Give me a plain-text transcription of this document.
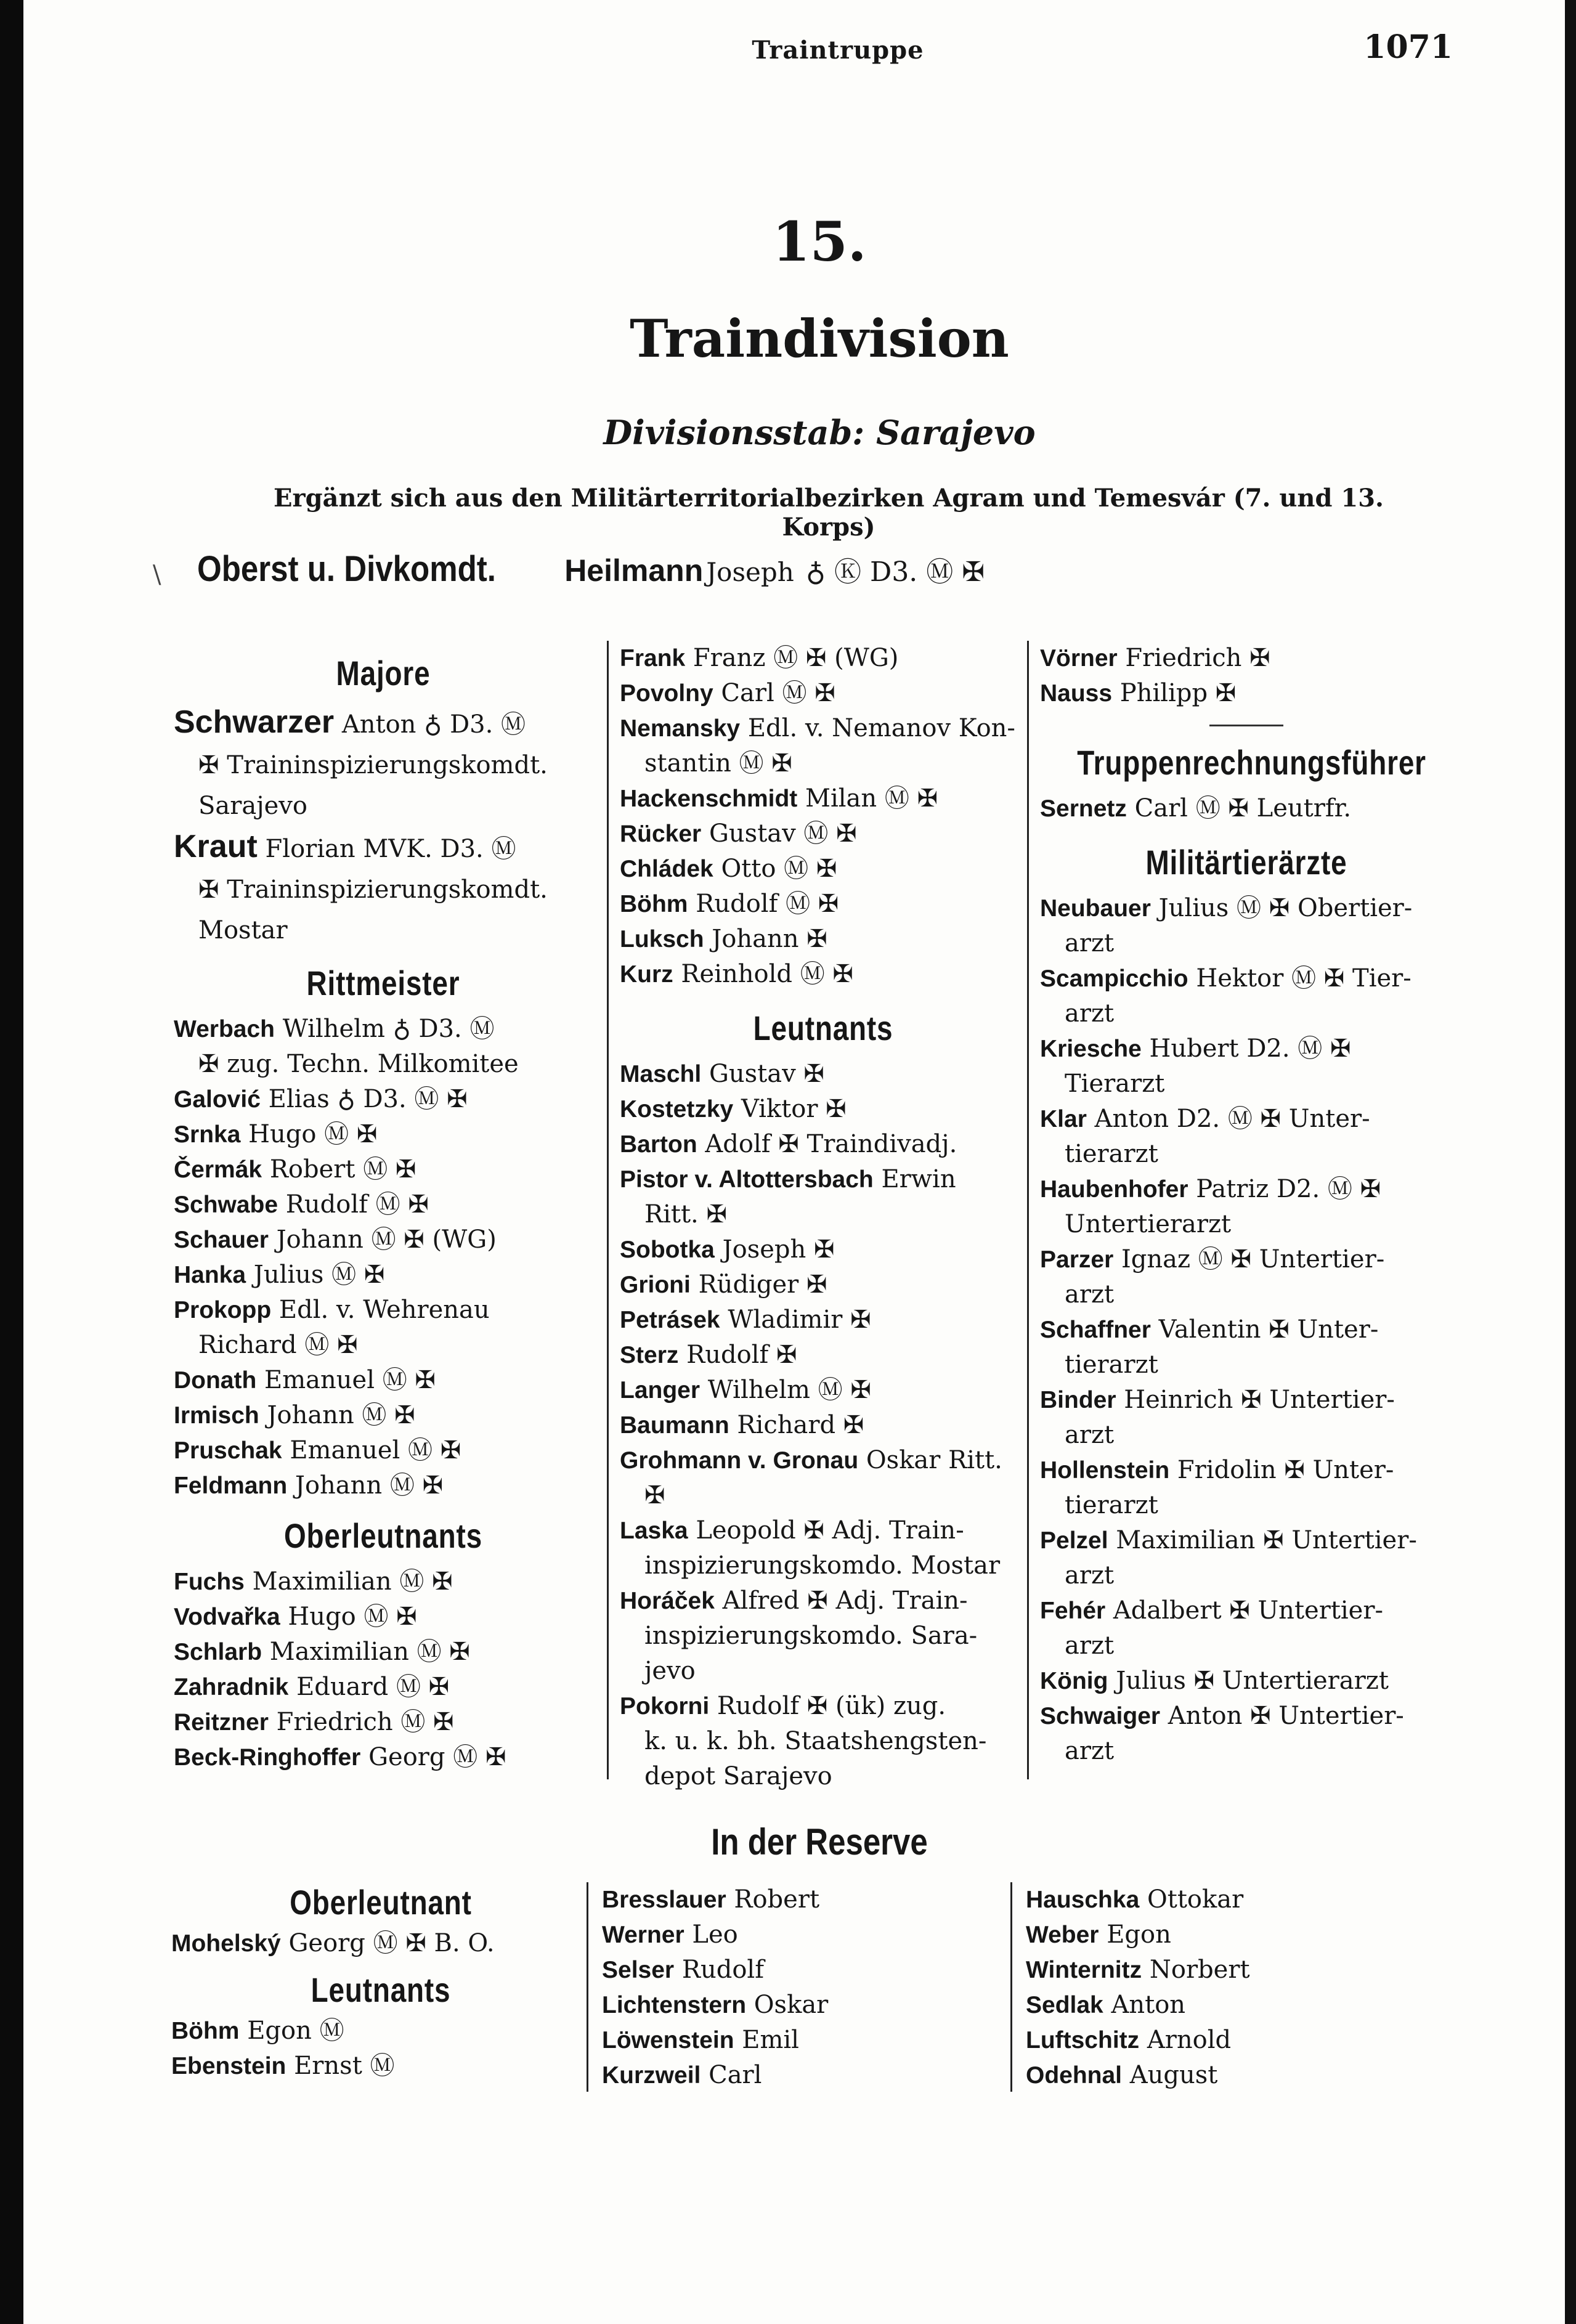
Traintruppe	1071
15.
Traindivision
Divisionsstab: Sarajevo
Ergänzt sich aus den Militärterritorialbezirken Agram und Temesvár (7. und 13. Korps)
\ Oberst u. Divkomdt. Heilmann Joseph ♁ Ⓚ D3. Ⓜ ✠
Majore
Schwarzer Anton ♁ D3. Ⓜ
✠ Traininspizierungskomdt.
Sarajevo
Kraut Florian MVK. D3. Ⓜ
✠ Traininspizierungskomdt.
Mostar
Rittmeister
Werbach Wilhelm ♁ D3. Ⓜ
✠ zug. Techn. Milkomitee
Galović Elias ♁ D3. Ⓜ ✠
Srnka Hugo Ⓜ ✠
Čermák Robert Ⓜ ✠
Schwabe Rudolf Ⓜ ✠
Schauer Johann Ⓜ ✠ (WG)
Hanka Julius Ⓜ ✠
Prokopp Edl. v. Wehrenau
Richard Ⓜ ✠
Donath Emanuel Ⓜ ✠
Irmisch Johann Ⓜ ✠
Pruschak Emanuel Ⓜ ✠
Feldmann Johann Ⓜ ✠
Oberleutnants
Fuchs Maximilian Ⓜ ✠
Vodvařka Hugo Ⓜ ✠
Schlarb Maximilian Ⓜ ✠
Zahradnik Eduard Ⓜ ✠
Reitzner Friedrich Ⓜ ✠
Beck-Ringhoffer Georg Ⓜ ✠
Frank Franz Ⓜ ✠ (WG)
Povolny Carl Ⓜ ✠
Nemansky Edl. v. Nemanov Kon-
stantin Ⓜ ✠
Hackenschmidt Milan Ⓜ ✠
Rücker Gustav Ⓜ ✠
Chládek Otto Ⓜ ✠
Böhm Rudolf Ⓜ ✠
Luksch Johann ✠
Kurz Reinhold Ⓜ ✠
Leutnants
Maschl Gustav ✠
Kostetzky Viktor ✠
Barton Adolf ✠ Traindivadj.
Pistor v. Altottersbach Erwin
Ritt. ✠
Sobotka Joseph ✠
Grioni Rüdiger ✠
Petrásek Wladimir ✠
Sterz Rudolf ✠
Langer Wilhelm Ⓜ ✠
Baumann Richard ✠
Grohmann v. Gronau Oskar Ritt.
✠
Laska Leopold ✠ Adj. Train-
inspizierungskomdo. Mostar
Horáček Alfred ✠ Adj. Train-
inspizierungskomdo. Sara-
jevo
Pokorni Rudolf ✠ (ük) zug.
k. u. k. bh. Staatshengsten-
depot Sarajevo
Vörner Friedrich ✠
Nauss Philipp ✠
Truppenrechnungsführer
Sernetz Carl Ⓜ ✠ Leutrfr.
Militärtierärzte
Neubauer Julius Ⓜ ✠ Obertier-
arzt
Scampicchio Hektor Ⓜ ✠ Tier-
arzt
Kriesche Hubert D2. Ⓜ ✠
Tierarzt
Klar Anton D2. Ⓜ ✠ Unter-
tierarzt
Haubenhofer Patriz D2. Ⓜ ✠
Untertierarzt
Parzer Ignaz Ⓜ ✠ Untertier-
arzt
Schaffner Valentin ✠ Unter-
tierarzt
Binder Heinrich ✠ Untertier-
arzt
Hollenstein Fridolin ✠ Unter-
tierarzt
Pelzel Maximilian ✠ Untertier-
arzt
Fehér Adalbert ✠ Untertier-
arzt
König Julius ✠ Untertierarzt
Schwaiger Anton ✠ Untertier-
arzt
In der Reserve
Oberleutnant
Mohelský Georg Ⓜ ✠ B. O.
Leutnants
Böhm Egon Ⓜ
Ebenstein Ernst Ⓜ
Bresslauer Robert
Werner Leo
Selser Rudolf
Lichtenstern Oskar
Löwenstein Emil
Kurzweil Carl
Hauschka Ottokar
Weber Egon
Winternitz Norbert
Sedlak Anton
Luftschitz Arnold
Odehnal August
